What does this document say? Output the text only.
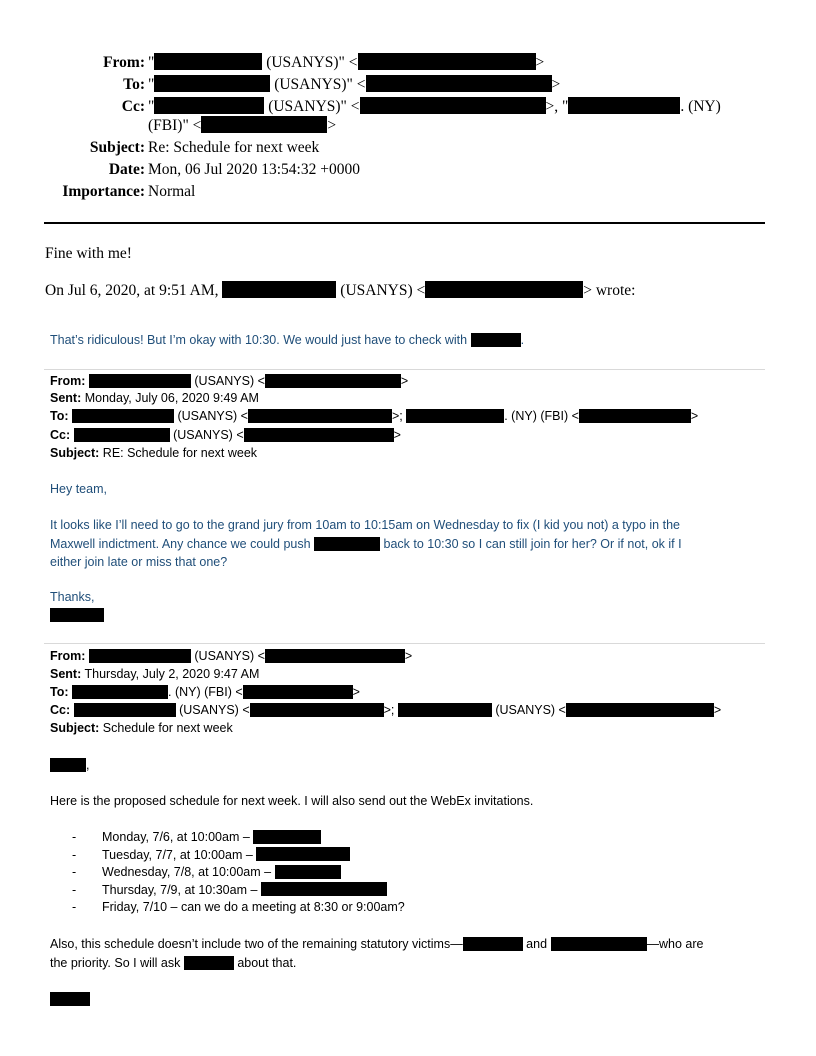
From: "	(USANYS)" <	>
To: "	(USANYS)" <	>
Cc: "	(USANYS)" <	>, "	. (NY)
(FBI)" <	>
Subject: Re: Schedule for next week
Date: Mon, 06 Jul 2020 13:54:32 +0000
Importance: Normal
Fine with me!
On Jul 6, 2020, at 9:51 AM,	(USANYS) <	> wrote:
That’s ridiculous! But I’m okay with 10:30. We would just have to check with	.
From:	(USANYS) <	>
Sent: Monday, July 06, 2020 9:49 AM
To:	(USANYS) <	>;	. (NY) (FBI) <	>
Cc:	(USANYS) <	>
Subject: RE: Schedule for next week
Hey team,
It looks like I’ll need to go to the grand jury from 10am to 10:15am on Wednesday to fix (I kid you not) a typo in the
Maxwell indictment. Any chance we could push	back to 10:30 so I can still join for her? Or if not, ok if I
either join late or miss that one?
Thanks,
From:	(USANYS) <	>
Sent: Thursday, July 2, 2020 9:47 AM
To:	. (NY) (FBI) <	>
Cc:	(USANYS) <	>;	(USANYS) <	>
Subject: Schedule for next week
,
Here is the proposed schedule for next week. I will also send out the WebEx invitations.
- Monday, 7/6, at 10:00am –
- Tuesday, 7/7, at 10:00am –
- Wednesday, 7/8, at 10:00am –
- Thursday, 7/9, at 10:30am –
- Friday, 7/10 – can we do a meeting at 8:30 or 9:00am?
Also, this schedule doesn’t include two of the remaining statutory victims—	and	—who are
the priority. So I will ask	about that.
